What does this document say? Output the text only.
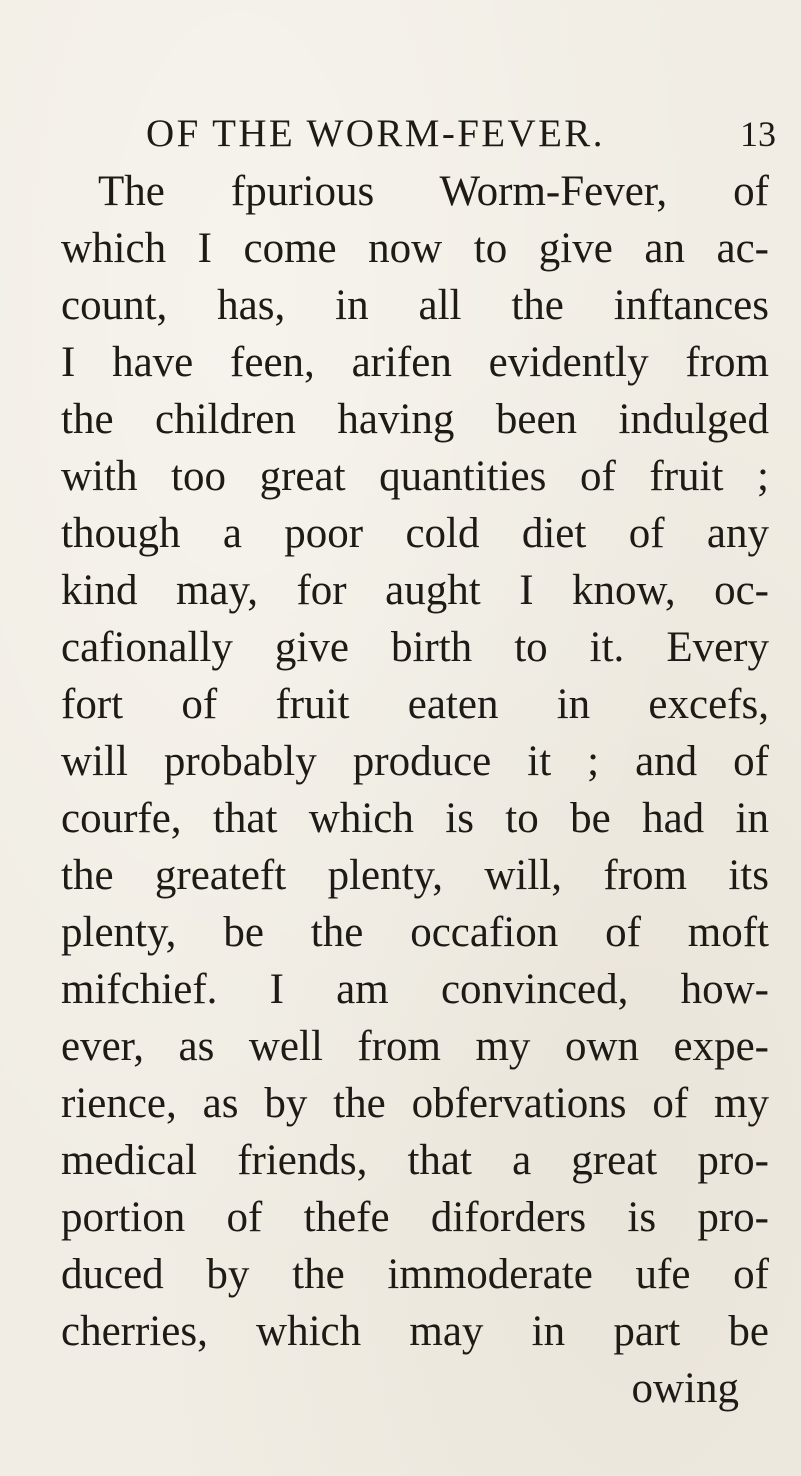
OF THE WORM-FEVER.	13
The fpurious Worm-Fever, of
which I come now to give an ac-
count, has, in all the inftances
I have feen, arifen evidently from
the children having been indulged
with too great quantities of fruit ;
though a poor cold diet of any
kind may, for aught I know, oc-
cafionally give birth to it. Every
fort of fruit eaten in excefs,
will probably produce it ; and of
courfe, that which is to be had in
the greateft plenty, will, from its
plenty, be the occafion of moft
mifchief. I am convinced, how-
ever, as well from my own expe-
rience, as by the obfervations of my
medical friends, that a great pro-
portion of thefe diforders is pro-
duced by the immoderate ufe of
cherries, which may in part be
owing
